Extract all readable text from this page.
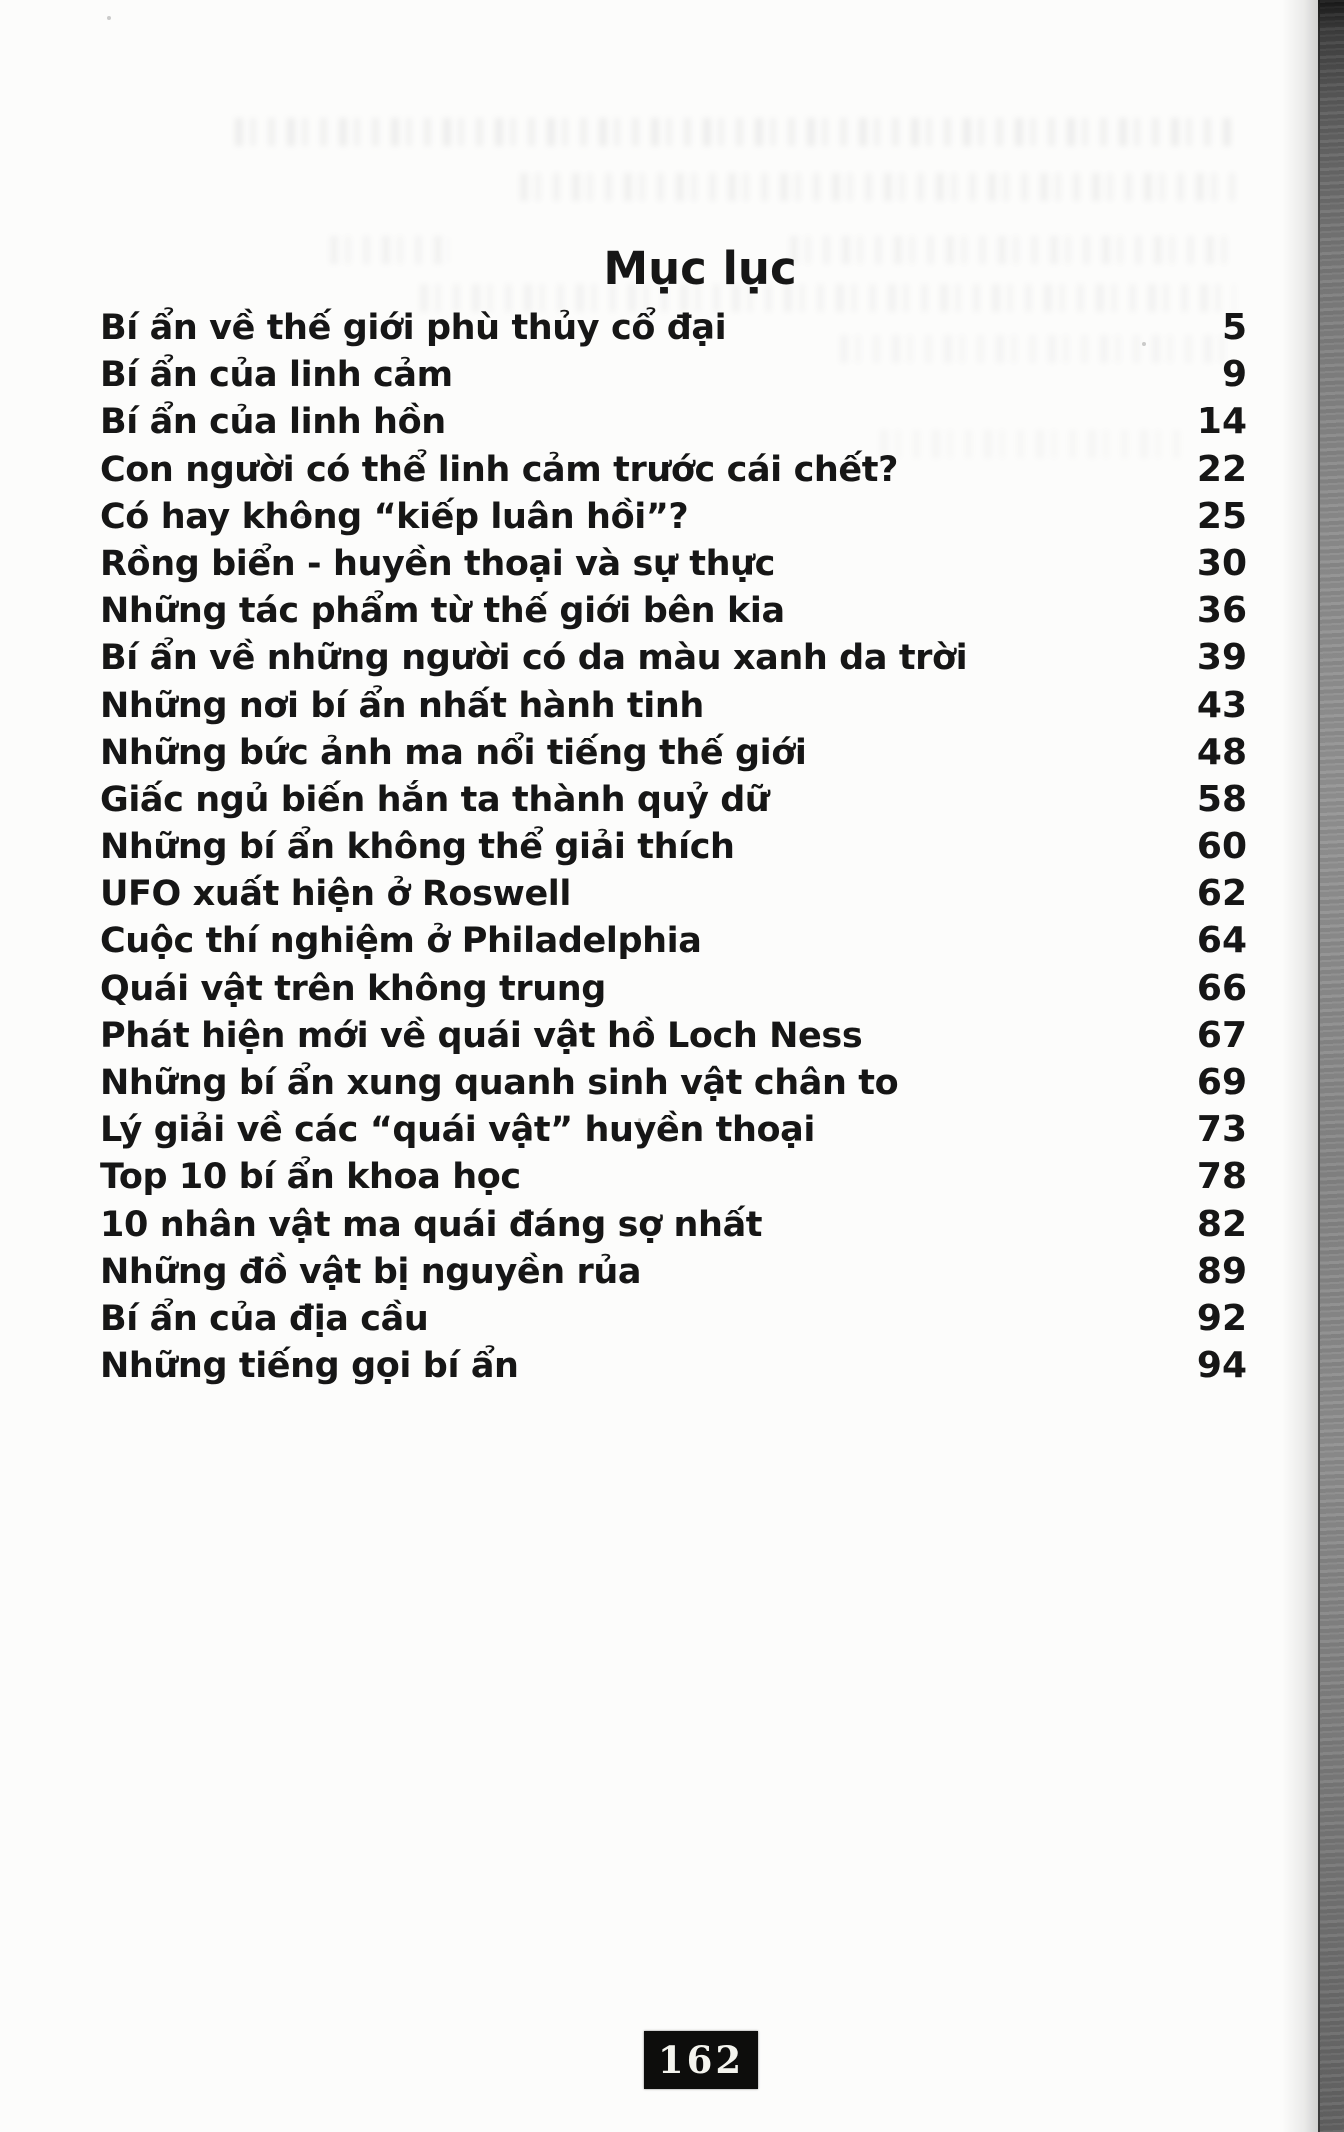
Mục lục
Bí ẩn về thế giới phù thủy cổ đại	5
Bí ẩn của linh cảm	9
Bí ẩn của linh hồn	14
Con người có thể linh cảm trước cái chết?	22
Có hay không “kiếp luân hồi”?	25
Rồng biển - huyền thoại và sự thực	30
Những tác phẩm từ thế giới bên kia	36
Bí ẩn về những người có da màu xanh da trời	39
Những nơi bí ẩn nhất hành tinh	43
Những bức ảnh ma nổi tiếng thế giới	48
Giấc ngủ biến hắn ta thành quỷ dữ	58
Những bí ẩn không thể giải thích	60
UFO xuất hiện ở Roswell	62
Cuộc thí nghiệm ở Philadelphia	64
Quái vật trên không trung	66
Phát hiện mới về quái vật hồ Loch Ness	67
Những bí ẩn xung quanh sinh vật chân to	69
Lý giải về các “quái vật” huyền thoại	73
Top 10 bí ẩn khoa học	78
10 nhân vật ma quái đáng sợ nhất	82
Những đồ vật bị nguyền rủa	89
Bí ẩn của địa cầu	92
Những tiếng gọi bí ẩn	94
162
